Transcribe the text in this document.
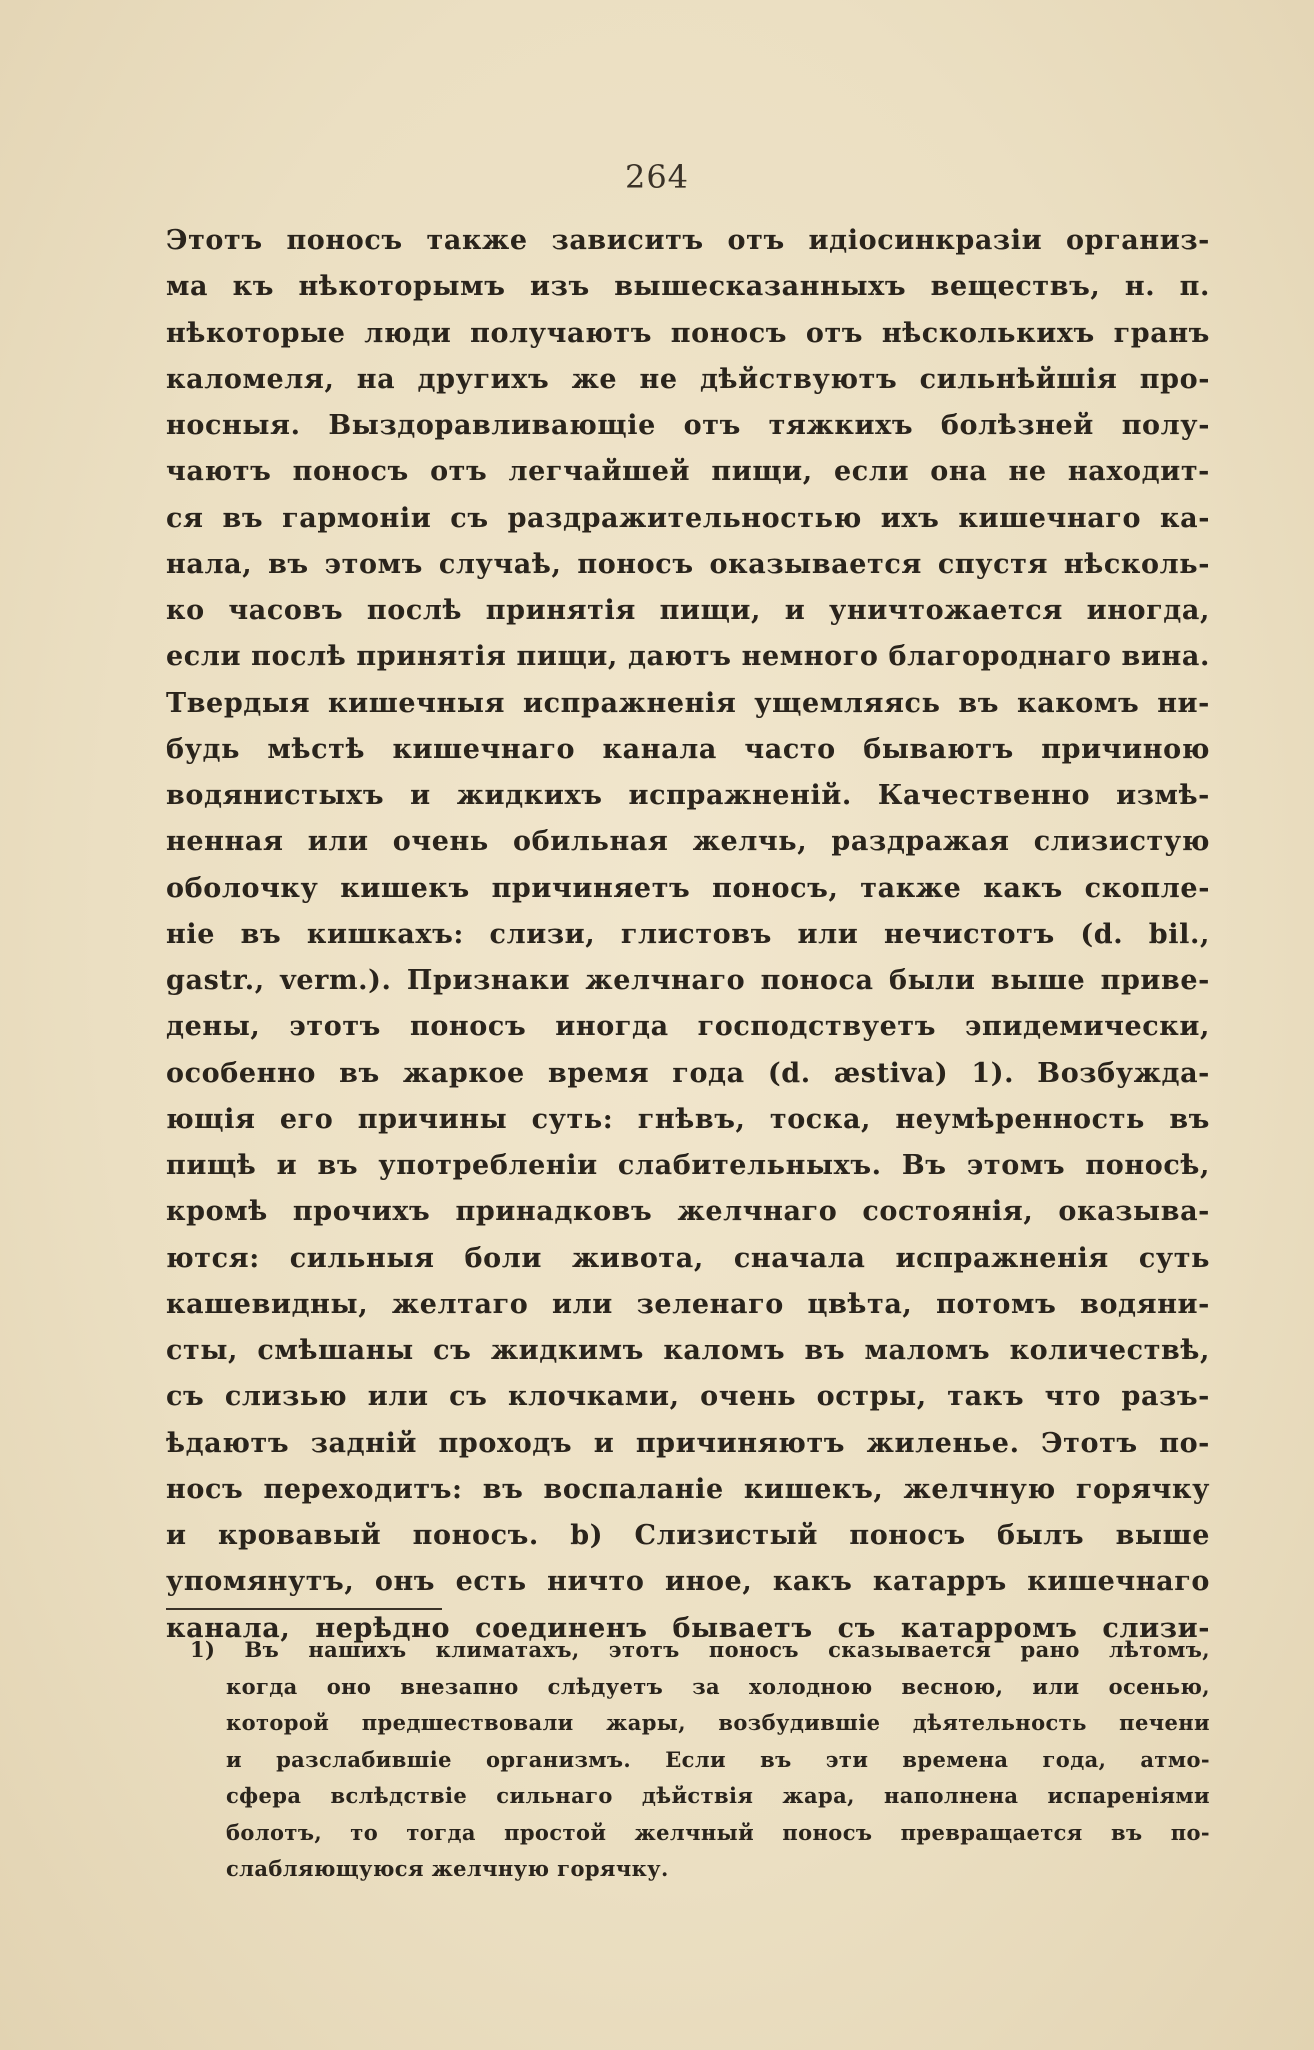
264
Этотъ поносъ также зависитъ отъ идіосинкразіи организ-
ма къ нѣкоторымъ изъ вышесказанныхъ веществъ, н. п.
нѣкоторые люди получаютъ поносъ отъ нѣсколькихъ гранъ
каломеля, на другихъ же не дѣйствуютъ сильнѣйшія про-
носныя. Выздоравливающіе отъ тяжкихъ болѣзней полу-
чаютъ поносъ отъ легчайшей пищи, если она не находит-
ся въ гармоніи съ раздражительностью ихъ кишечнаго ка-
нала, въ этомъ случаѣ, поносъ оказывается спустя нѣсколь-
ко часовъ послѣ принятія пищи, и уничтожается иногда,
если послѣ принятія пищи, даютъ немного благороднаго вина.
Твердыя кишечныя испражненія ущемляясь въ какомъ ни-
будь мѣстѣ кишечнаго канала часто бываютъ причиною
водянистыхъ и жидкихъ испражненій. Качественно измѣ-
ненная или очень обильная желчь, раздражая слизистую
оболочку кишекъ причиняетъ поносъ, также какъ скопле-
ніе въ кишкахъ: слизи, глистовъ или нечистотъ (d. bil.,
gastr., verm.). Признаки желчнаго поноса были выше приве-
дены, этотъ поносъ иногда господствуетъ эпидемически,
особенно въ жаркое время года (d. æstiva) 1). Возбужда-
ющія его причины суть: гнѣвъ, тоска, неумѣренность въ
пищѣ и въ употребленіи слабительныхъ. Въ этомъ поносѣ,
кромѣ прочихъ принадковъ желчнаго состоянія, оказыва-
ются: сильныя боли живота, сначала испражненія суть
кашевидны, желтаго или зеленаго цвѣта, потомъ водяни-
сты, смѣшаны съ жидкимъ каломъ въ маломъ количествѣ,
съ слизью или съ клочками, очень остры, такъ что разъ-
ѣдаютъ заднiй проходъ и причиняютъ жиленье. Этотъ по-
носъ переходитъ: въ воспаланіе кишекъ, желчную горячку
и кровавый поносъ. b) Слизистый поносъ былъ выше
упомянутъ, онъ есть ничто иное, какъ катарръ кишечнаго
канала, нерѣдно соединенъ бываетъ съ катарромъ слизи-
1) Въ нашихъ климатахъ, этотъ поносъ сказывается рано лѣтомъ,
когда оно внезапно слѣдуетъ за холодною весною, или осенью,
которой предшествовали жары, возбудившіе дѣятельность печени
и разслабившіе организмъ. Если въ эти времена года, атмо-
сфера вслѣдствіе сильнаго дѣйствія жара, наполнена испареніями
болотъ, то тогда простой желчный поносъ превращается въ по-
слабляющуюся желчную горячку.
